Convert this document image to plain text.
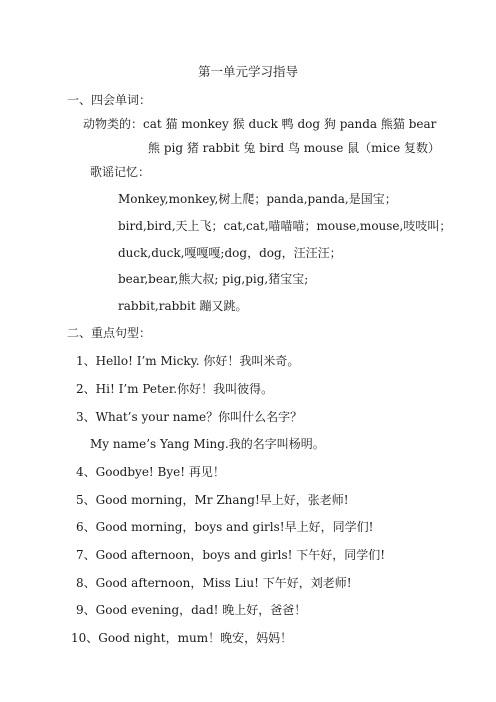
第一单元学习指导
一、四会单词：
动物类的：cat 猫 monkey 猴 duck 鸭 dog 狗 panda 熊猫 bear
熊 pig 猪 rabbit 兔 bird 鸟 mouse 鼠（mice 复数）
歌谣记忆：
Monkey,monkey,树上爬；panda,panda,是国宝；
bird,bird,天上飞；cat,cat,喵喵喵；mouse,mouse,吱吱叫；
duck,duck,嘎嘎嘎;dog，dog，汪汪汪；
bear,bear,熊大叔; pig,pig,猪宝宝;
rabbit,rabbit 蹦又跳。
二、重点句型：
1、Hello! I’m Micky. 你好！我叫米奇。
2、Hi! I’m Peter.你好！我叫彼得。
3、What’s your name？你叫什么名字？
My name’s Yang Ming.我的名字叫杨明。
4、Goodbye! Bye! 再见！
5、Good morning，Mr Zhang!早上好，张老师!
6、Good morning，boys and girls!早上好，同学们!
7、Good afternoon，boys and girls! 下午好，同学们!
8、Good afternoon，Miss Liu! 下午好，刘老师!
9、Good evening，dad! 晚上好，爸爸！
10、Good night，mum！晚安，妈妈！
